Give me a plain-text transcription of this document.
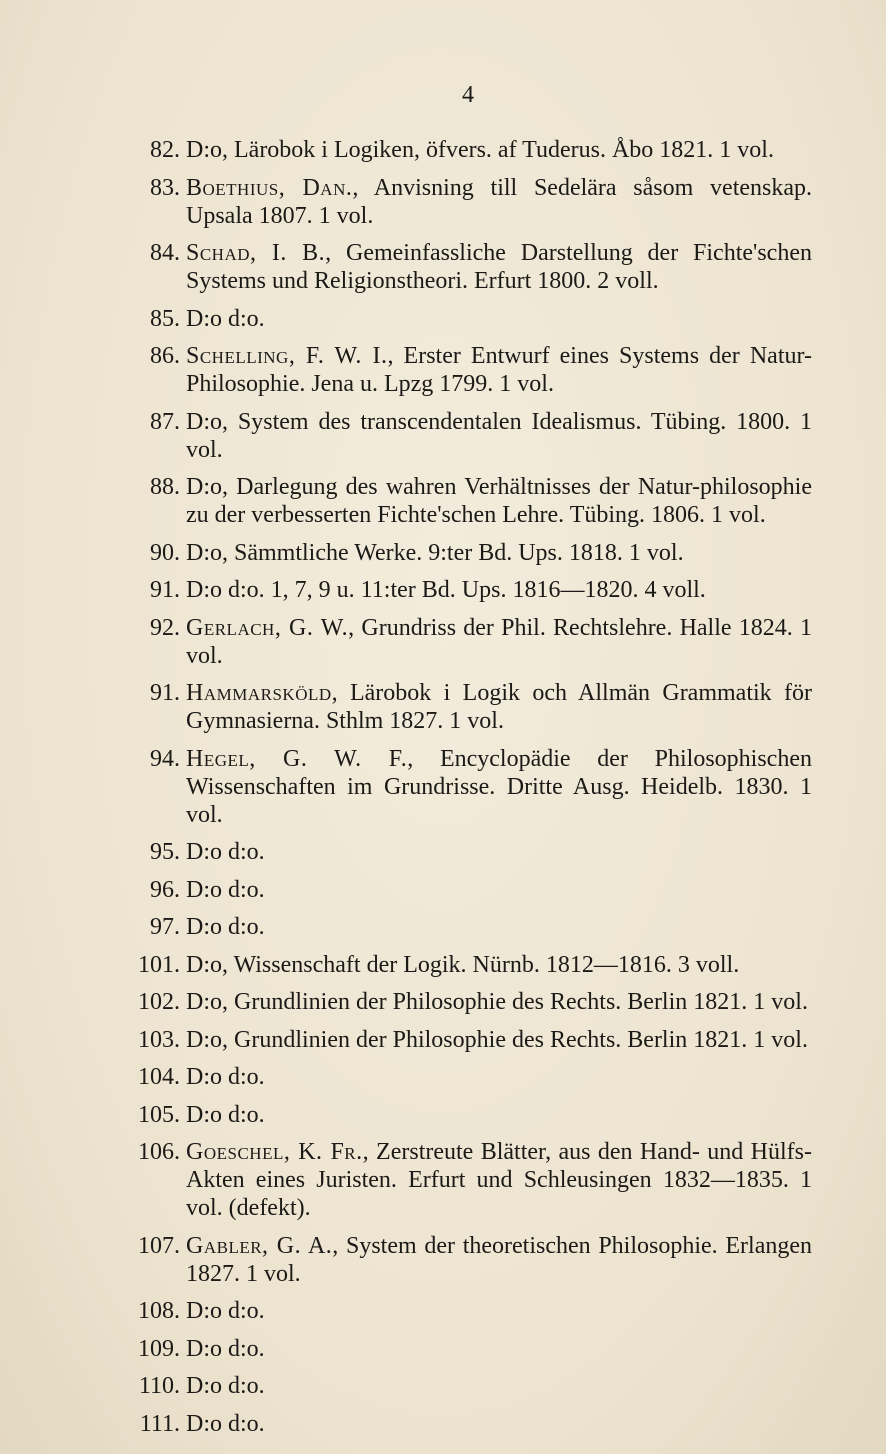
4
82. D:o, Lärobok i Logiken, öfvers. af Tuderus. Åbo 1821. 1 vol.
83. Boethius, Dan., Anvisning till Sedelära såsom vetenskap. Upsala 1807. 1 vol.
84. Schad, I. B., Gemeinfassliche Darstellung der Fichte'schen Systems und Religionstheori. Erfurt 1800. 2 voll.
85. D:o d:o.
86. Schelling, F. W. I., Erster Entwurf eines Systems der Natur-Philosophie. Jena u. Lpzg 1799. 1 vol.
87. D:o, System des transcendentalen Idealismus. Tübing. 1800. 1 vol.
88. D:o, Darlegung des wahren Verhältnisses der Natur-philosophie zu der verbesserten Fichte'schen Lehre. Tübing. 1806. 1 vol.
90. D:o, Sämmtliche Werke. 9:ter Bd. Ups. 1818. 1 vol.
91. D:o d:o. 1, 7, 9 u. 11:ter Bd. Ups. 1816—1820. 4 voll.
92. Gerlach, G. W., Grundriss der Phil. Rechtslehre. Halle 1824. 1 vol.
91. Hammarsköld, Lärobok i Logik och Allmän Grammatik för Gymnasierna. Sthlm 1827. 1 vol.
94. Hegel, G. W. F., Encyclopädie der Philosophischen Wissenschaften im Grundrisse. Dritte Ausg. Heidelb. 1830. 1 vol.
95. D:o d:o.
96. D:o d:o.
97. D:o d:o.
101. D:o, Wissenschaft der Logik. Nürnb. 1812—1816. 3 voll.
102. D:o, Grundlinien der Philosophie des Rechts. Berlin 1821. 1 vol.
103. D:o, Grundlinien der Philosophie des Rechts. Berlin 1821. 1 vol.
104. D:o d:o.
105. D:o d:o.
106. Goeschel, K. Fr., Zerstreute Blätter, aus den Hand- und Hülfs-Akten eines Juristen. Erfurt und Schleusingen 1832—1835. 1 vol. (defekt).
107. Gabler, G. A., System der theoretischen Philosophie. Erlangen 1827. 1 vol.
108. D:o d:o.
109. D:o d:o.
110. D:o d:o.
111. D:o d:o.
